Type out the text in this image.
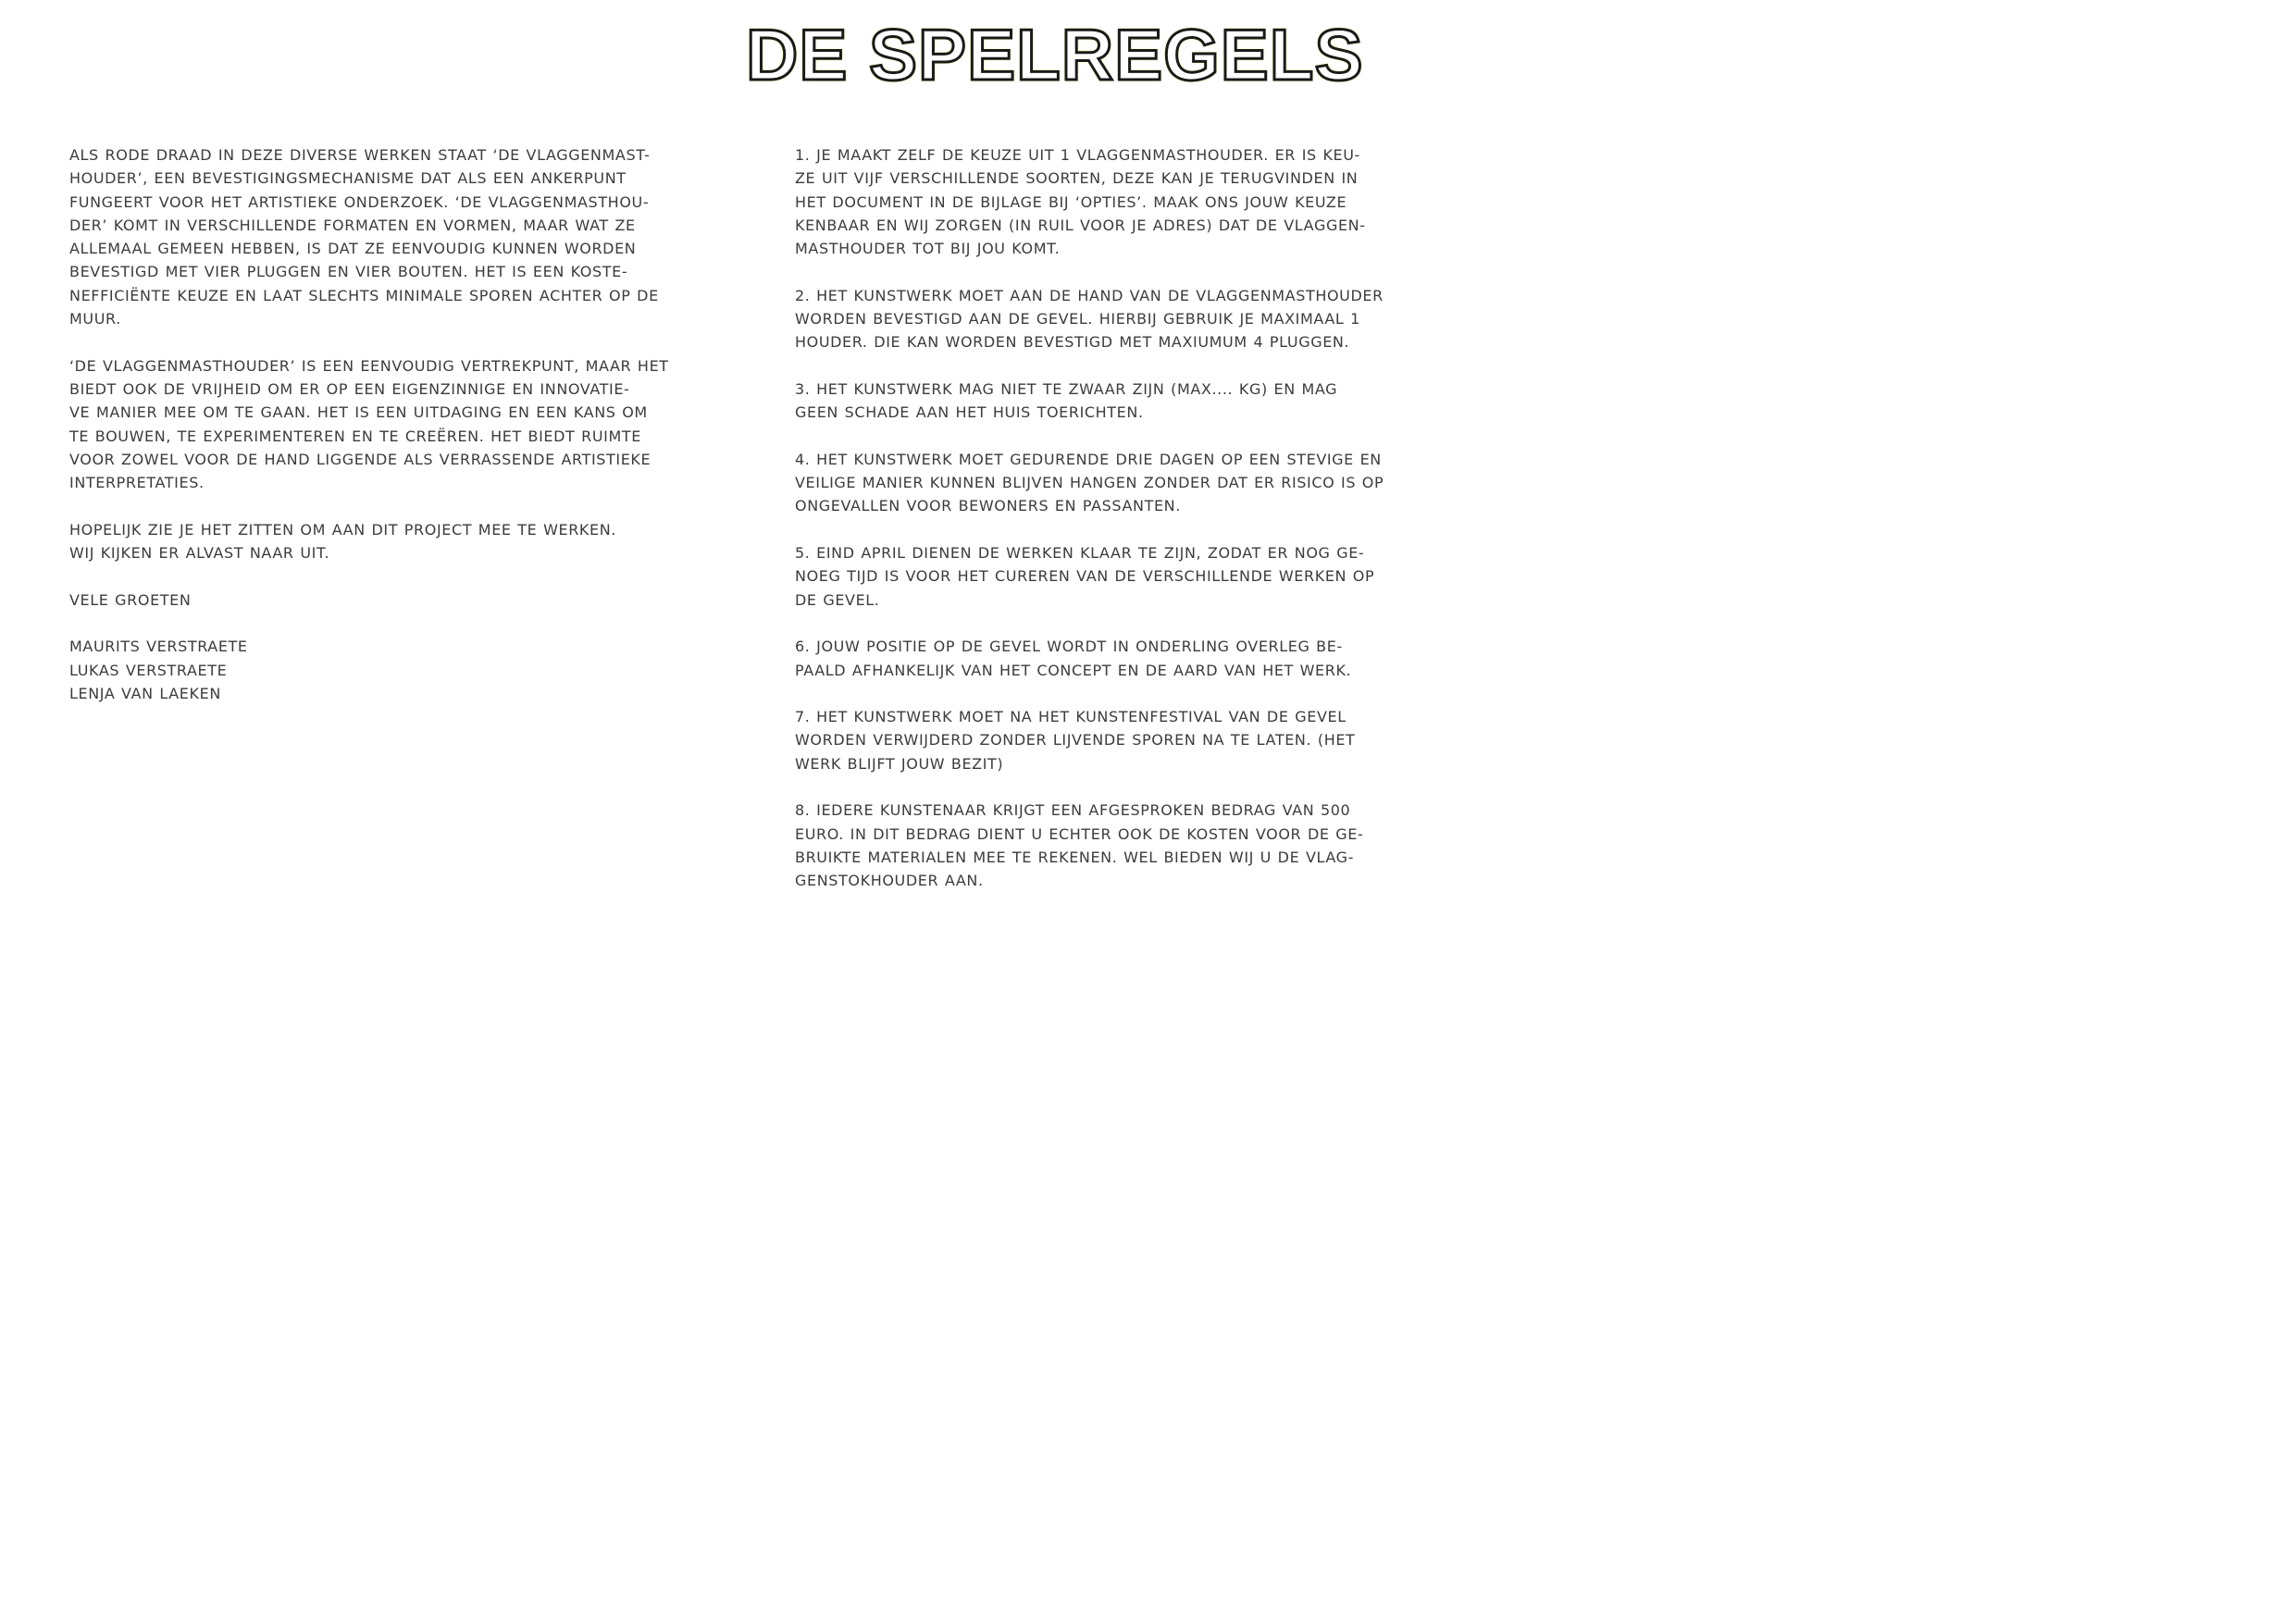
DE SPELREGELS

ALS RODE DRAAD IN DEZE DIVERSE WERKEN STAAT ‘DE VLAGGENMAST-
HOUDER’, EEN BEVESTIGINGSMECHANISME DAT ALS EEN ANKERPUNT
FUNGEERT VOOR HET ARTISTIEKE ONDERZOEK. ‘DE VLAGGENMASTHOU-
DER’ KOMT IN VERSCHILLENDE FORMATEN EN VORMEN, MAAR WAT ZE
ALLEMAAL GEMEEN HEBBEN, IS DAT ZE EENVOUDIG KUNNEN WORDEN
BEVESTIGD MET VIER PLUGGEN EN VIER BOUTEN. HET IS EEN KOSTE-
NEFFICIËNTE KEUZE EN LAAT SLECHTS MINIMALE SPOREN ACHTER OP DE
MUUR.

‘DE VLAGGENMASTHOUDER’ IS EEN EENVOUDIG VERTREKPUNT, MAAR HET
BIEDT OOK DE VRIJHEID OM ER OP EEN EIGENZINNIGE EN INNOVATIE-
VE MANIER MEE OM TE GAAN. HET IS EEN UITDAGING EN EEN KANS OM
TE BOUWEN, TE EXPERIMENTEREN EN TE CREËREN. HET BIEDT RUIMTE
VOOR ZOWEL VOOR DE HAND LIGGENDE ALS VERRASSENDE ARTISTIEKE
INTERPRETATIES.

HOPELIJK ZIE JE HET ZITTEN OM AAN DIT PROJECT MEE TE WERKEN.
WIJ KIJKEN ER ALVAST NAAR UIT.

VELE GROETEN

MAURITS VERSTRAETE
LUKAS VERSTRAETE
LENJA VAN LAEKEN

1. JE MAAKT ZELF DE KEUZE UIT 1 VLAGGENMASTHOUDER. ER IS KEU-
ZE UIT VIJF VERSCHILLENDE SOORTEN, DEZE KAN JE TERUGVINDEN IN
HET DOCUMENT IN DE BIJLAGE BIJ ‘OPTIES’. MAAK ONS JOUW KEUZE
KENBAAR EN WIJ ZORGEN (IN RUIL VOOR JE ADRES) DAT DE VLAGGEN-
MASTHOUDER TOT BIJ JOU KOMT.

2. HET KUNSTWERK MOET AAN DE HAND VAN DE VLAGGENMASTHOUDER
WORDEN BEVESTIGD AAN DE GEVEL. HIERBIJ GEBRUIK JE MAXIMAAL 1
HOUDER. DIE KAN WORDEN BEVESTIGD MET MAXIUMUM 4 PLUGGEN.

3. HET KUNSTWERK MAG NIET TE ZWAAR ZIJN (MAX.... KG) EN MAG
GEEN SCHADE AAN HET HUIS TOERICHTEN.

4. HET KUNSTWERK MOET GEDURENDE DRIE DAGEN OP EEN STEVIGE EN
VEILIGE MANIER KUNNEN BLIJVEN HANGEN ZONDER DAT ER RISICO IS OP
ONGEVALLEN VOOR BEWONERS EN PASSANTEN.

5. EIND APRIL DIENEN DE WERKEN KLAAR TE ZIJN, ZODAT ER NOG GE-
NOEG TIJD IS VOOR HET CUREREN VAN DE VERSCHILLENDE WERKEN OP
DE GEVEL.

6. JOUW POSITIE OP DE GEVEL WORDT IN ONDERLING OVERLEG BE-
PAALD AFHANKELIJK VAN HET CONCEPT EN DE AARD VAN HET WERK.

7. HET KUNSTWERK MOET NA HET KUNSTENFESTIVAL VAN DE GEVEL
WORDEN VERWIJDERD ZONDER LIJVENDE SPOREN NA TE LATEN. (HET
WERK BLIJFT JOUW BEZIT)

8. IEDERE KUNSTENAAR KRIJGT EEN AFGESPROKEN BEDRAG VAN 500
EURO. IN DIT BEDRAG DIENT U ECHTER OOK DE KOSTEN VOOR DE GE-
BRUIKTE MATERIALEN MEE TE REKENEN. WEL BIEDEN WIJ U DE VLAG-
GENSTOKHOUDER AAN.
